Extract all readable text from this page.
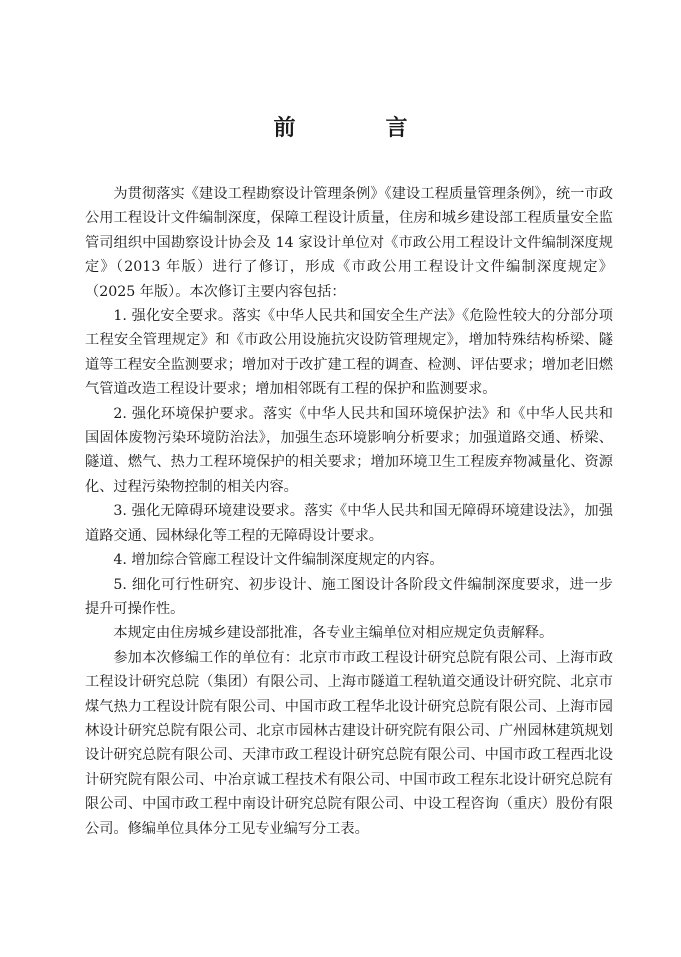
前　言

为贯彻落实《建设工程勘察设计管理条例》《建设工程质量管理条例》，统一市政公用工程设计文件编制深度，保障工程设计质量，住房和城乡建设部工程质量安全监管司组织中国勘察设计协会及 14 家设计单位对《市政公用工程设计文件编制深度规定》（2013 年版）进行了修订，形成《市政公用工程设计文件编制深度规定》（2025 年版）。本次修订主要内容包括：

1. 强化安全要求。落实《中华人民共和国安全生产法》《危险性较大的分部分项工程安全管理规定》和《市政公用设施抗灾设防管理规定》，增加特殊结构桥梁、隧道等工程安全监测要求；增加对于改扩建工程的调查、检测、评估要求；增加老旧燃气管道改造工程设计要求；增加相邻既有工程的保护和监测要求。

2. 强化环境保护要求。落实《中华人民共和国环境保护法》和《中华人民共和国固体废物污染环境防治法》，加强生态环境影响分析要求；加强道路交通、桥梁、隧道、燃气、热力工程环境保护的相关要求；增加环境卫生工程废弃物减量化、资源化、过程污染物控制的相关内容。

3. 强化无障碍环境建设要求。落实《中华人民共和国无障碍环境建设法》，加强道路交通、园林绿化等工程的无障碍设计要求。

4. 增加综合管廊工程设计文件编制深度规定的内容。

5. 细化可行性研究、初步设计、施工图设计各阶段文件编制深度要求，进一步提升可操作性。

本规定由住房城乡建设部批准，各专业主编单位对相应规定负责解释。

参加本次修编工作的单位有：北京市市政工程设计研究总院有限公司、上海市政工程设计研究总院（集团）有限公司、上海市隧道工程轨道交通设计研究院、北京市煤气热力工程设计院有限公司、中国市政工程华北设计研究总院有限公司、上海市园林设计研究总院有限公司、北京市园林古建设计研究院有限公司、广州园林建筑规划设计研究总院有限公司、天津市政工程设计研究总院有限公司、中国市政工程西北设计研究院有限公司、中冶京诚工程技术有限公司、中国市政工程东北设计研究总院有限公司、中国市政工程中南设计研究总院有限公司、中设工程咨询（重庆）股份有限公司。修编单位具体分工见专业编写分工表。
